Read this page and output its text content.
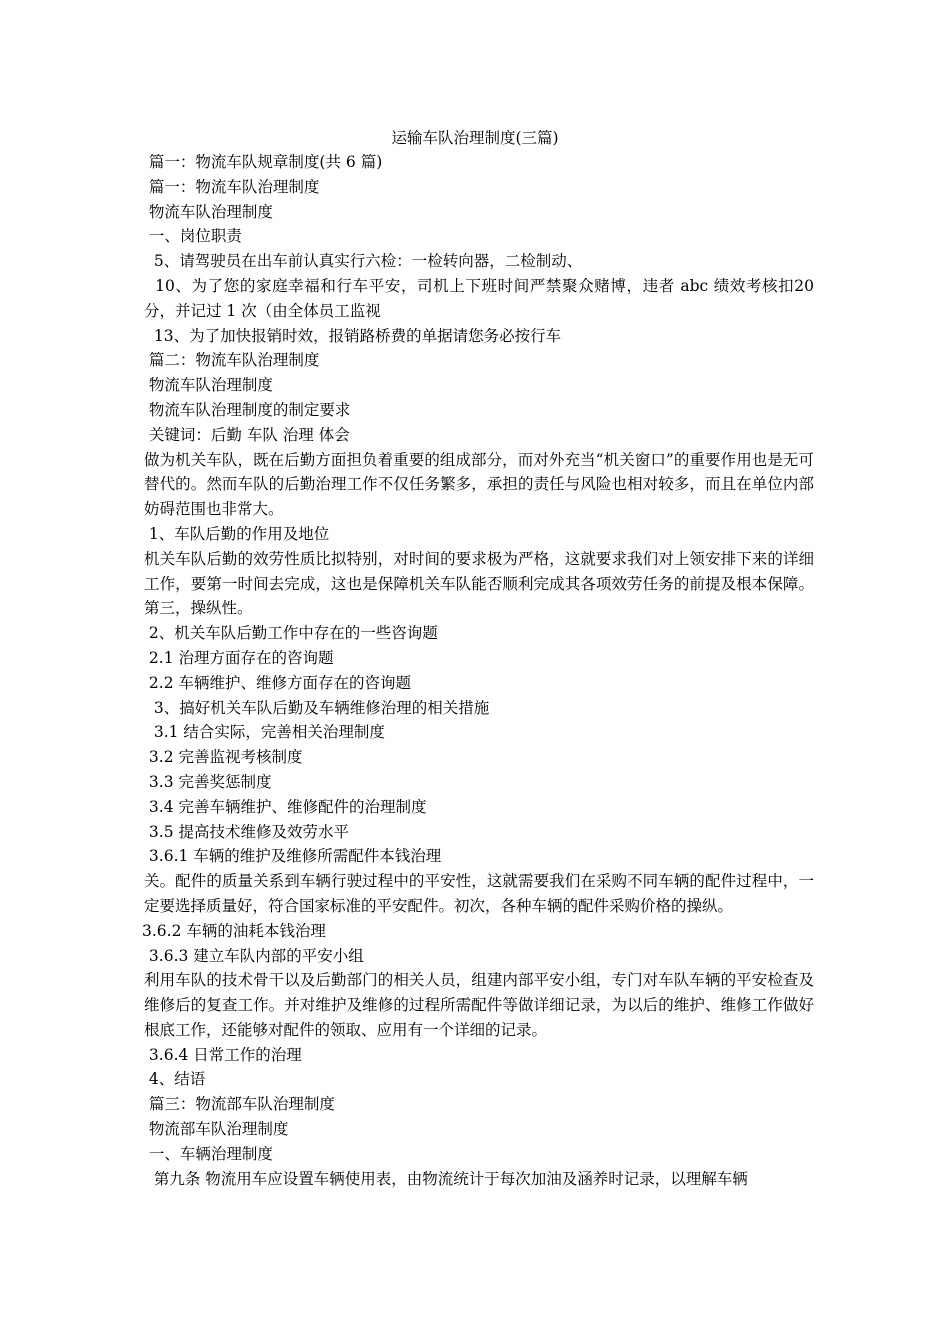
运输车队治理制度(三篇)

篇一：物流车队规章制度(共 6 篇)

篇一：物流车队治理制度

物流车队治理制度

一、岗位职责

5、请驾驶员在出车前认真实行六检：一检转向器，二检制动、

10、为了您的家庭幸福和行车平安，司机上下班时间严禁聚众赌博，违者 abc 绩效考核扣20 分，并记过 1 次（由全体员工监视

13、为了加快报销时效，报销路桥费的单据请您务必按行车

篇二：物流车队治理制度

物流车队治理制度

物流车队治理制度的制定要求

关键词：后勤 车队 治理 体会

做为机关车队，既在后勤方面担负着重要的组成部分，而对外充当“机关窗口”的重要作用也是无可替代的。然而车队的后勤治理工作不仅任务繁多，承担的责任与风险也相对较多，而且在单位内部妨碍范围也非常大。

1、车队后勤的作用及地位

机关车队后勤的效劳性质比拟特别，对时间的要求极为严格，这就要求我们对上领安排下来的详细工作，要第一时间去完成，这也是保障机关车队能否顺利完成其各项效劳任务的前提及根本保障。第三，操纵性。

2、机关车队后勤工作中存在的一些咨询题

2.1 治理方面存在的咨询题

2.2 车辆维护、维修方面存在的咨询题

3、搞好机关车队后勤及车辆维修治理的相关措施

3.1 结合实际，完善相关治理制度

3.2 完善监视考核制度

3.3 完善奖惩制度

3.4 完善车辆维护、维修配件的治理制度

3.5 提高技术维修及效劳水平

3.6.1 车辆的维护及维修所需配件本钱治理

关。配件的质量关系到车辆行驶过程中的平安性，这就需要我们在采购不同车辆的配件过程中，一定要选择质量好，符合国家标准的平安配件。初次，各种车辆的配件采购价格的操纵。

3.6.2 车辆的油耗本钱治理

3.6.3 建立车队内部的平安小组

利用车队的技术骨干以及后勤部门的相关人员，组建内部平安小组，专门对车队车辆的平安检查及维修后的复查工作。并对维护及维修的过程所需配件等做详细记录，为以后的维护、维修工作做好根底工作，还能够对配件的领取、应用有一个详细的记录。

3.6.4 日常工作的治理

4、结语

篇三：物流部车队治理制度

物流部车队治理制度

一、车辆治理制度

第九条 物流用车应设置车辆使用表，由物流统计于每次加油及涵养时记录，以理解车辆
